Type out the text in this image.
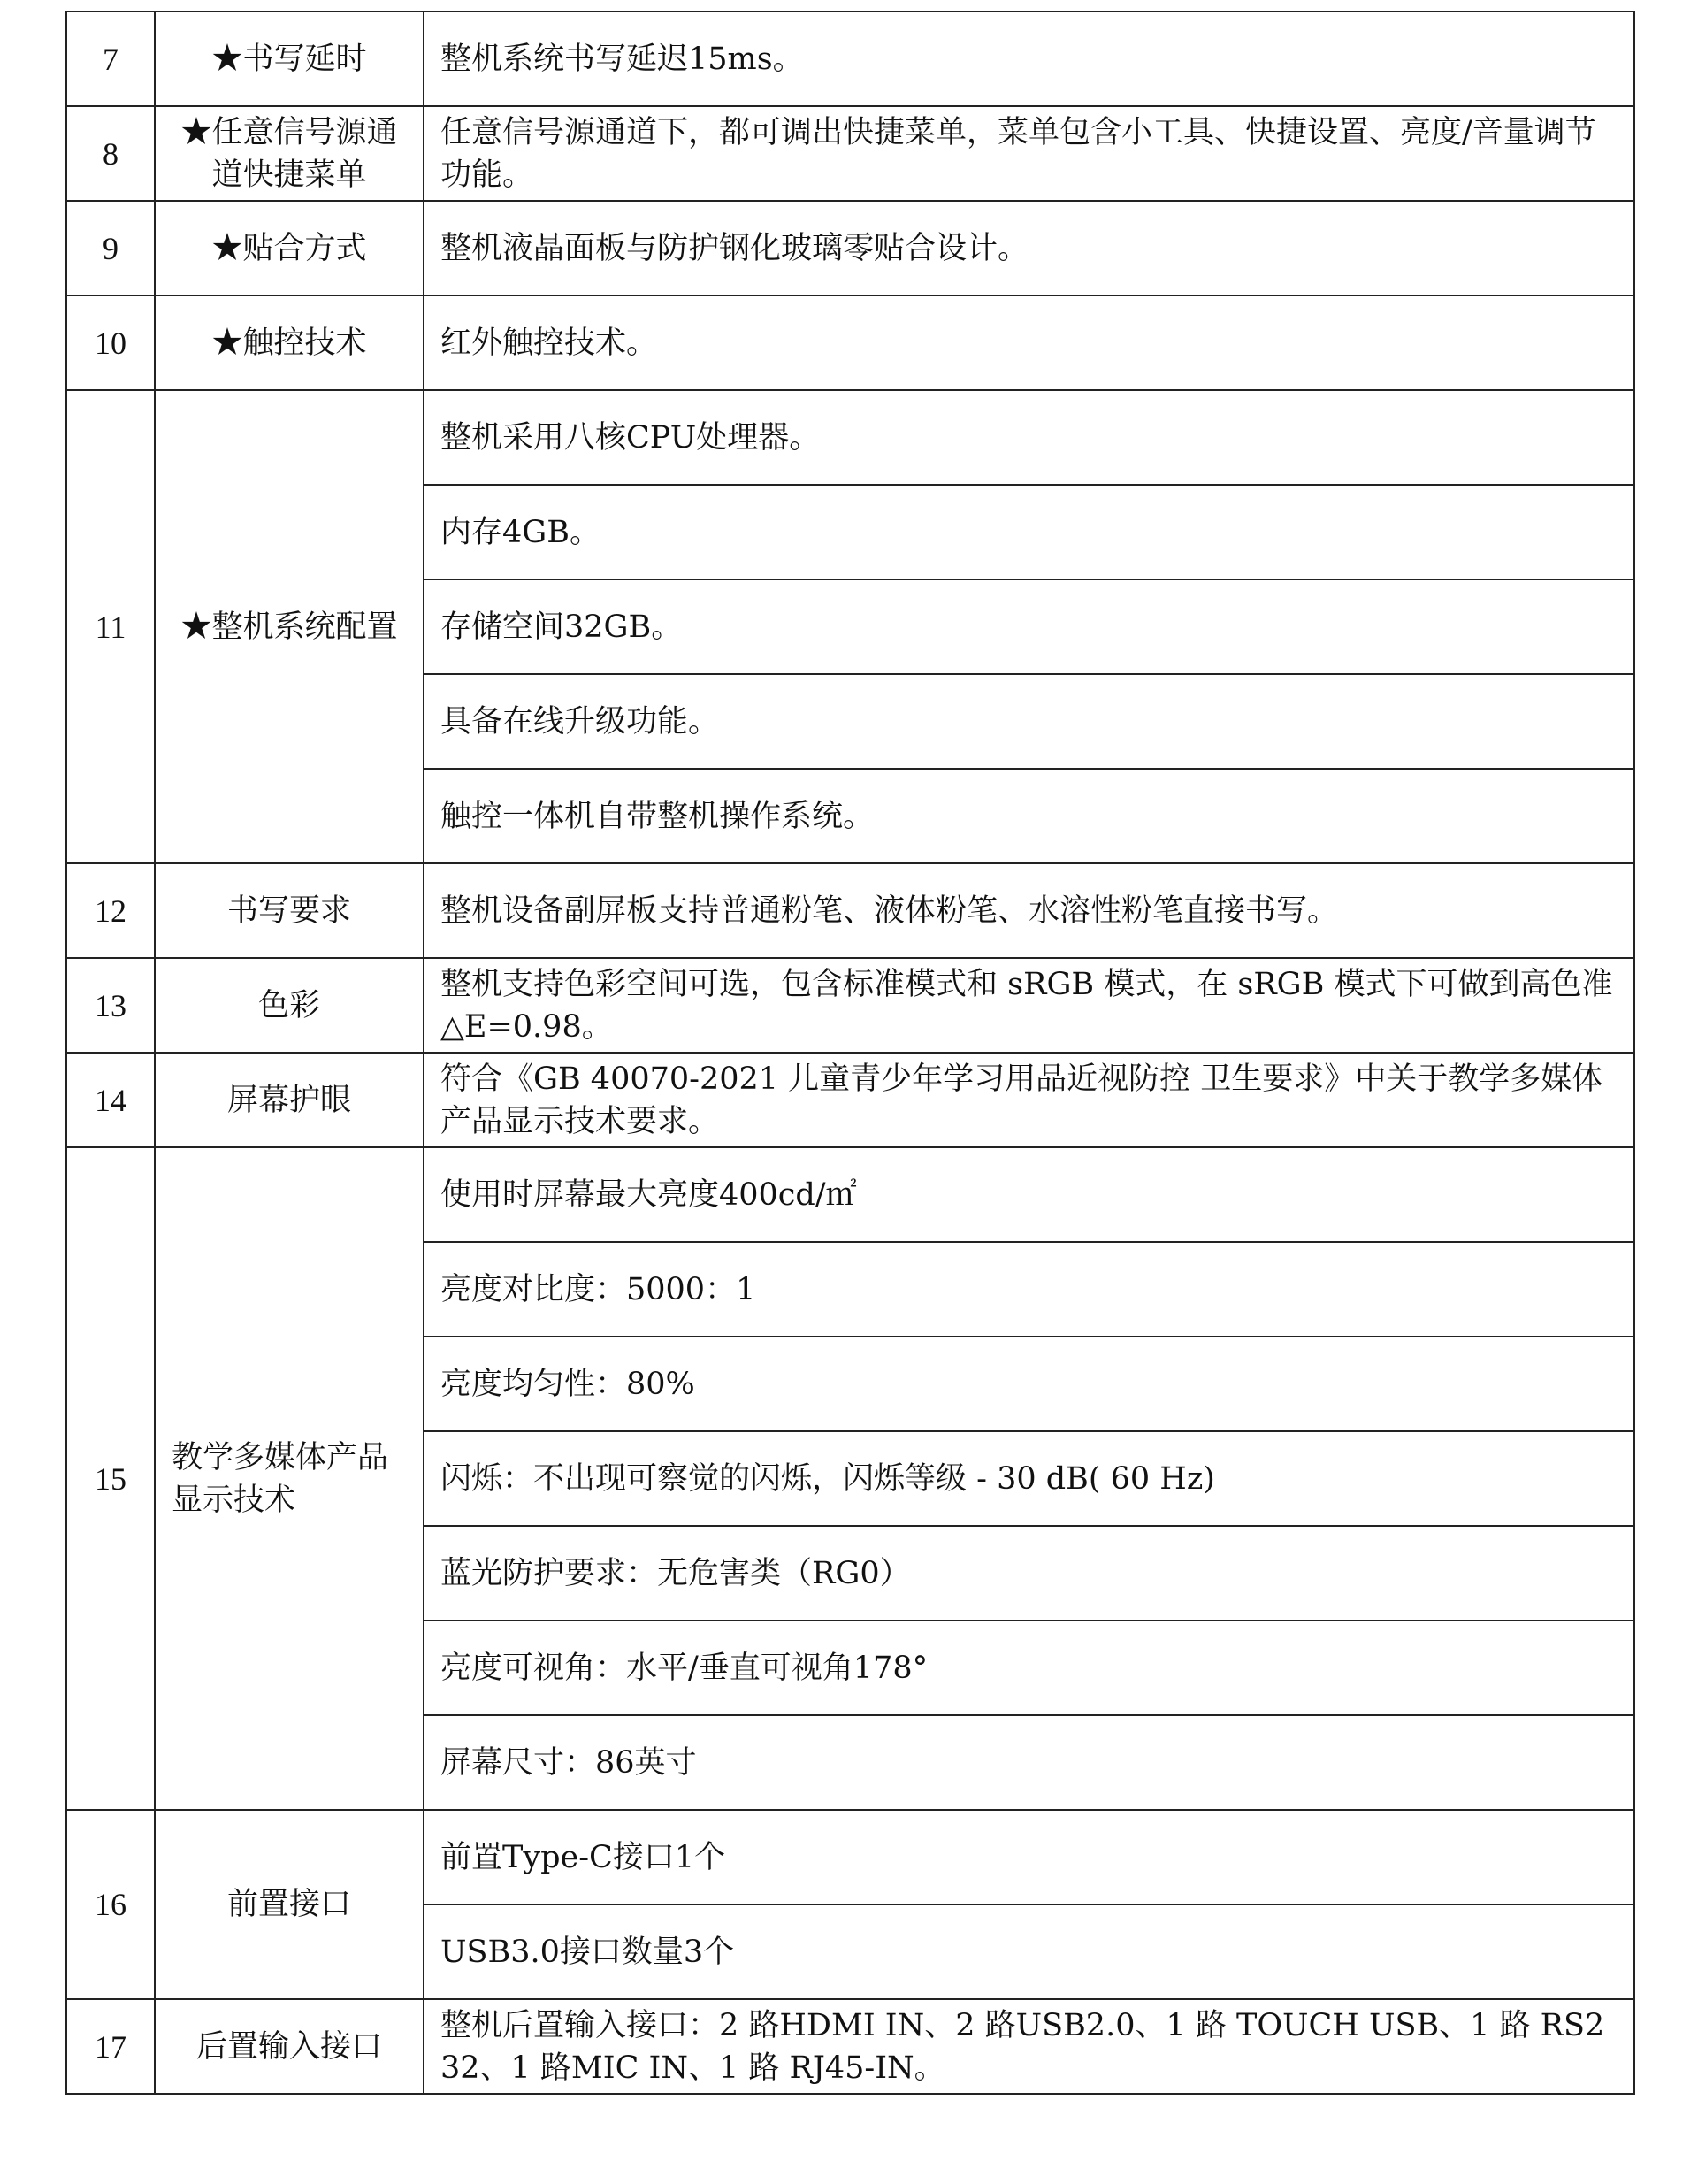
7	★书写延时	整机系统书写延迟15ms。
8	★任意信号源通道快捷菜单	任意信号源通道下，都可调出快捷菜单，菜单包含小工具、快捷设置、亮度/音量调节功能。
9	★贴合方式	整机液晶面板与防护钢化玻璃零贴合设计。
10	★触控技术	红外触控技术。
11	★整机系统配置	整机采用八核CPU处理器。
		内存4GB。
		存储空间32GB。
		具备在线升级功能。
		触控一体机自带整机操作系统。
12	书写要求	整机设备副屏板支持普通粉笔、液体粉笔、水溶性粉笔直接书写。
13	色彩	整机支持色彩空间可选，包含标准模式和 sRGB 模式，在 sRGB 模式下可做到高色准△E=0.98。
14	屏幕护眼	符合《GB 40070-2021 儿童青少年学习用品近视防控 卫生要求》中关于教学多媒体产品显示技术要求。
15	教学多媒体产品显示技术	使用时屏幕最大亮度400cd/㎡
		亮度对比度：5000：1
		亮度均匀性：80%
		闪烁：不出现可察觉的闪烁，闪烁等级 - 30 dB( 60 Hz)
		蓝光防护要求：无危害类（RG0）
		亮度可视角：水平/垂直可视角178°
		屏幕尺寸：86英寸
16	前置接口	前置Type-C接口1个
		USB3.0接口数量3个
17	后置输入接口	整机后置输入接口：2 路HDMI IN、2 路USB2.0、1 路 TOUCH USB、1 路 RS232、1 路MIC IN、1 路 RJ45-IN。
